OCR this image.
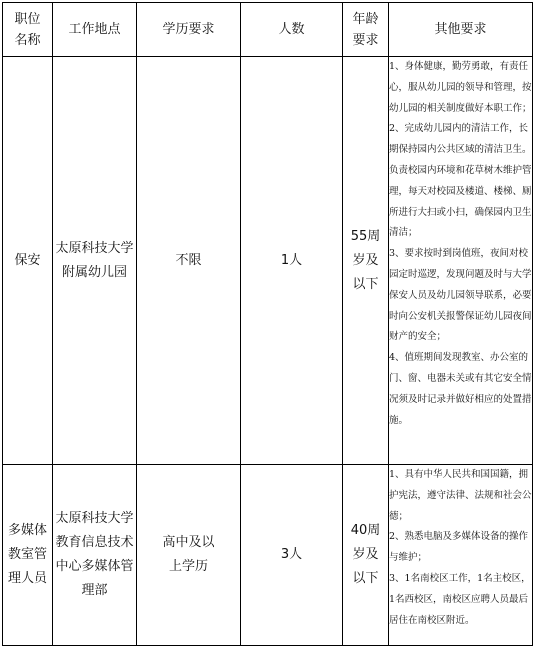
职位名称	工作地点	学历要求	人数	年龄要求	其他要求
保安	太原科技大学附属幼儿园	不限	1人	55周岁及以下	1、身体健康，勤劳勇敢，有责任心，服从幼儿园的领导和管理，按幼儿园的相关制度做好本职工作；

2、完成幼儿园内的清洁工作，长期保持园内公共区域的清洁卫生。负责校园内环境和花草树木维护管理，每天对校园及楼道、楼梯、厕所进行大扫或小扫，确保园内卫生清洁；

3、要求按时到岗值班，夜间对校园定时巡逻，发现问题及时与大学保安人员及幼儿园领导联系，必要时向公安机关报警保证幼儿园夜间财产的安全；

4、值班期间发现教室、办公室的门、窗、电器未关或有其它安全情况须及时记录并做好相应的处置措施。

多媒体教室管理人员	太原科技大学教育信息技术中心多媒体管理部	高中及以上学历	3人	40周岁及以下	1、具有中华人民共和国国籍，拥护宪法，遵守法律、法规和社会公德；

2、熟悉电脑及多媒体设备的操作与维护；

3、1名南校区工作，1名主校区，1名西校区，南校区应聘人员最后居住在南校区附近。
